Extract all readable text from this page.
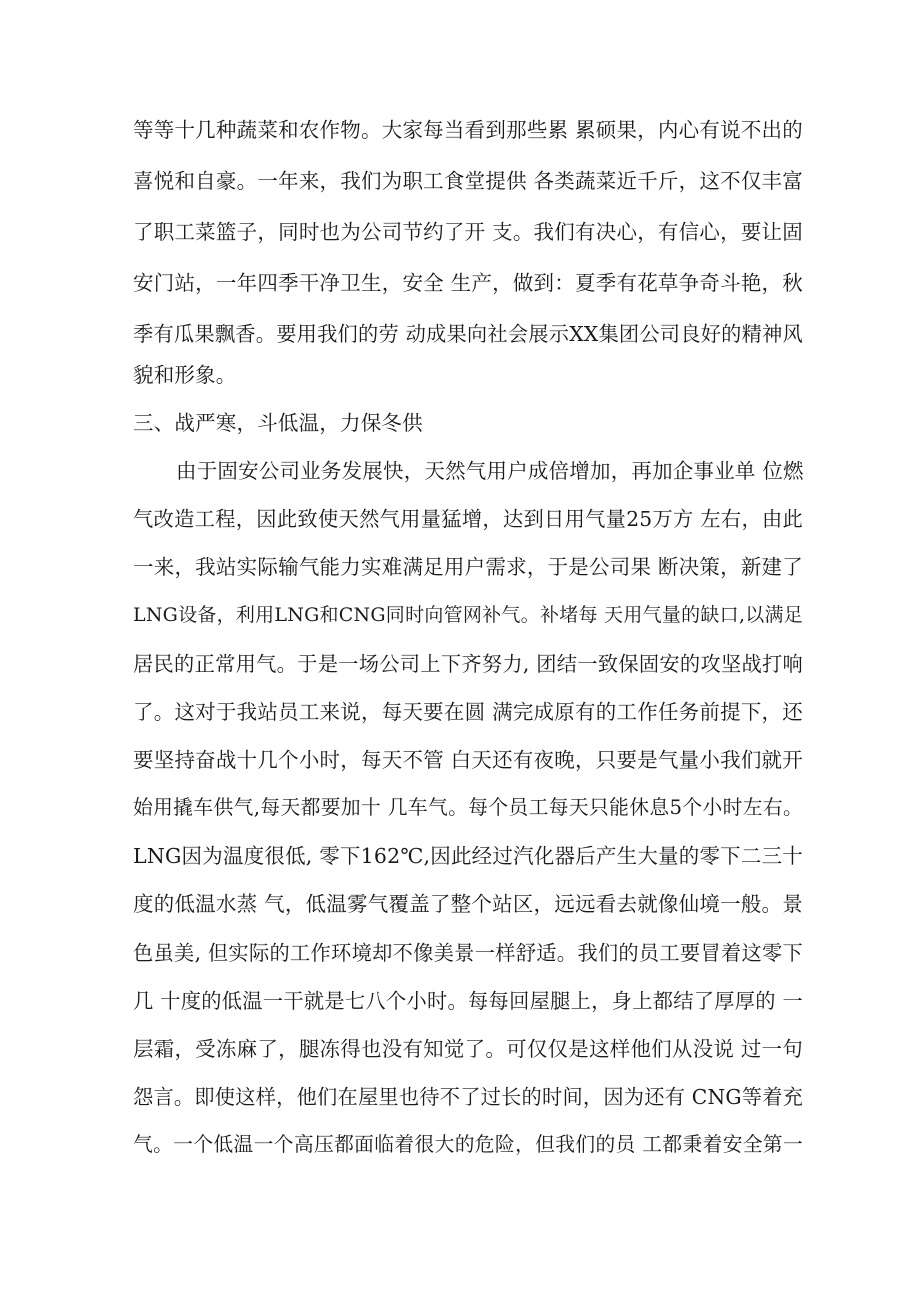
等等十几种蔬菜和农作物。大家每当看到那些累 累硕果，内心有说不出的
喜悦和自豪。一年来，我们为职工食堂提供 各类蔬菜近千斤，这不仅丰富
了职工菜篮子，同时也为公司节约了开 支。我们有决心，有信心，要让固
安门站，一年四季干净卫生，安全 生产，做到：夏季有花草争奇斗艳，秋
季有瓜果飘香。要用我们的劳 动成果向社会展示XX集团公司良好的精神风
貌和形象。
三、战严寒，斗低温，力保冬供
由于固安公司业务发展快，天然气用户成倍增加，再加企事业单 位燃
气改造工程，因此致使天然气用量猛增，达到日用气量25万方 左右，由此
一来，我站实际输气能力实难满足用户需求，于是公司果 断决策，新建了
LNG设备，利用LNG和CNG同时向管网补气。补堵每 天用气量的缺口,以满足
居民的正常用气。于是一场公司上下齐努力, 团结一致保固安的攻坚战打响
了。这对于我站员工来说，每天要在圆 满完成原有的工作任务前提下，还
要坚持奋战十几个小时，每天不管 白天还有夜晚，只要是气量小我们就开
始用撬车供气,每天都要加十 几车气。每个员工每天只能休息5个小时左右。
LNG因为温度很低, 零下162℃,因此经过汽化器后产生大量的零下二三十
度的低温水蒸 气，低温雾气覆盖了整个站区，远远看去就像仙境一般。景
色虽美, 但实际的工作环境却不像美景一样舒适。我们的员工要冒着这零下
几 十度的低温一干就是七八个小时。每每回屋腿上，身上都结了厚厚的 一
层霜，受冻麻了，腿冻得也没有知觉了。可仅仅是这样他们从没说 过一句
怨言。即使这样，他们在屋里也待不了过长的时间，因为还有 CNG等着充
气。一个低温一个高压都面临着很大的危险，但我们的员 工都秉着安全第一
